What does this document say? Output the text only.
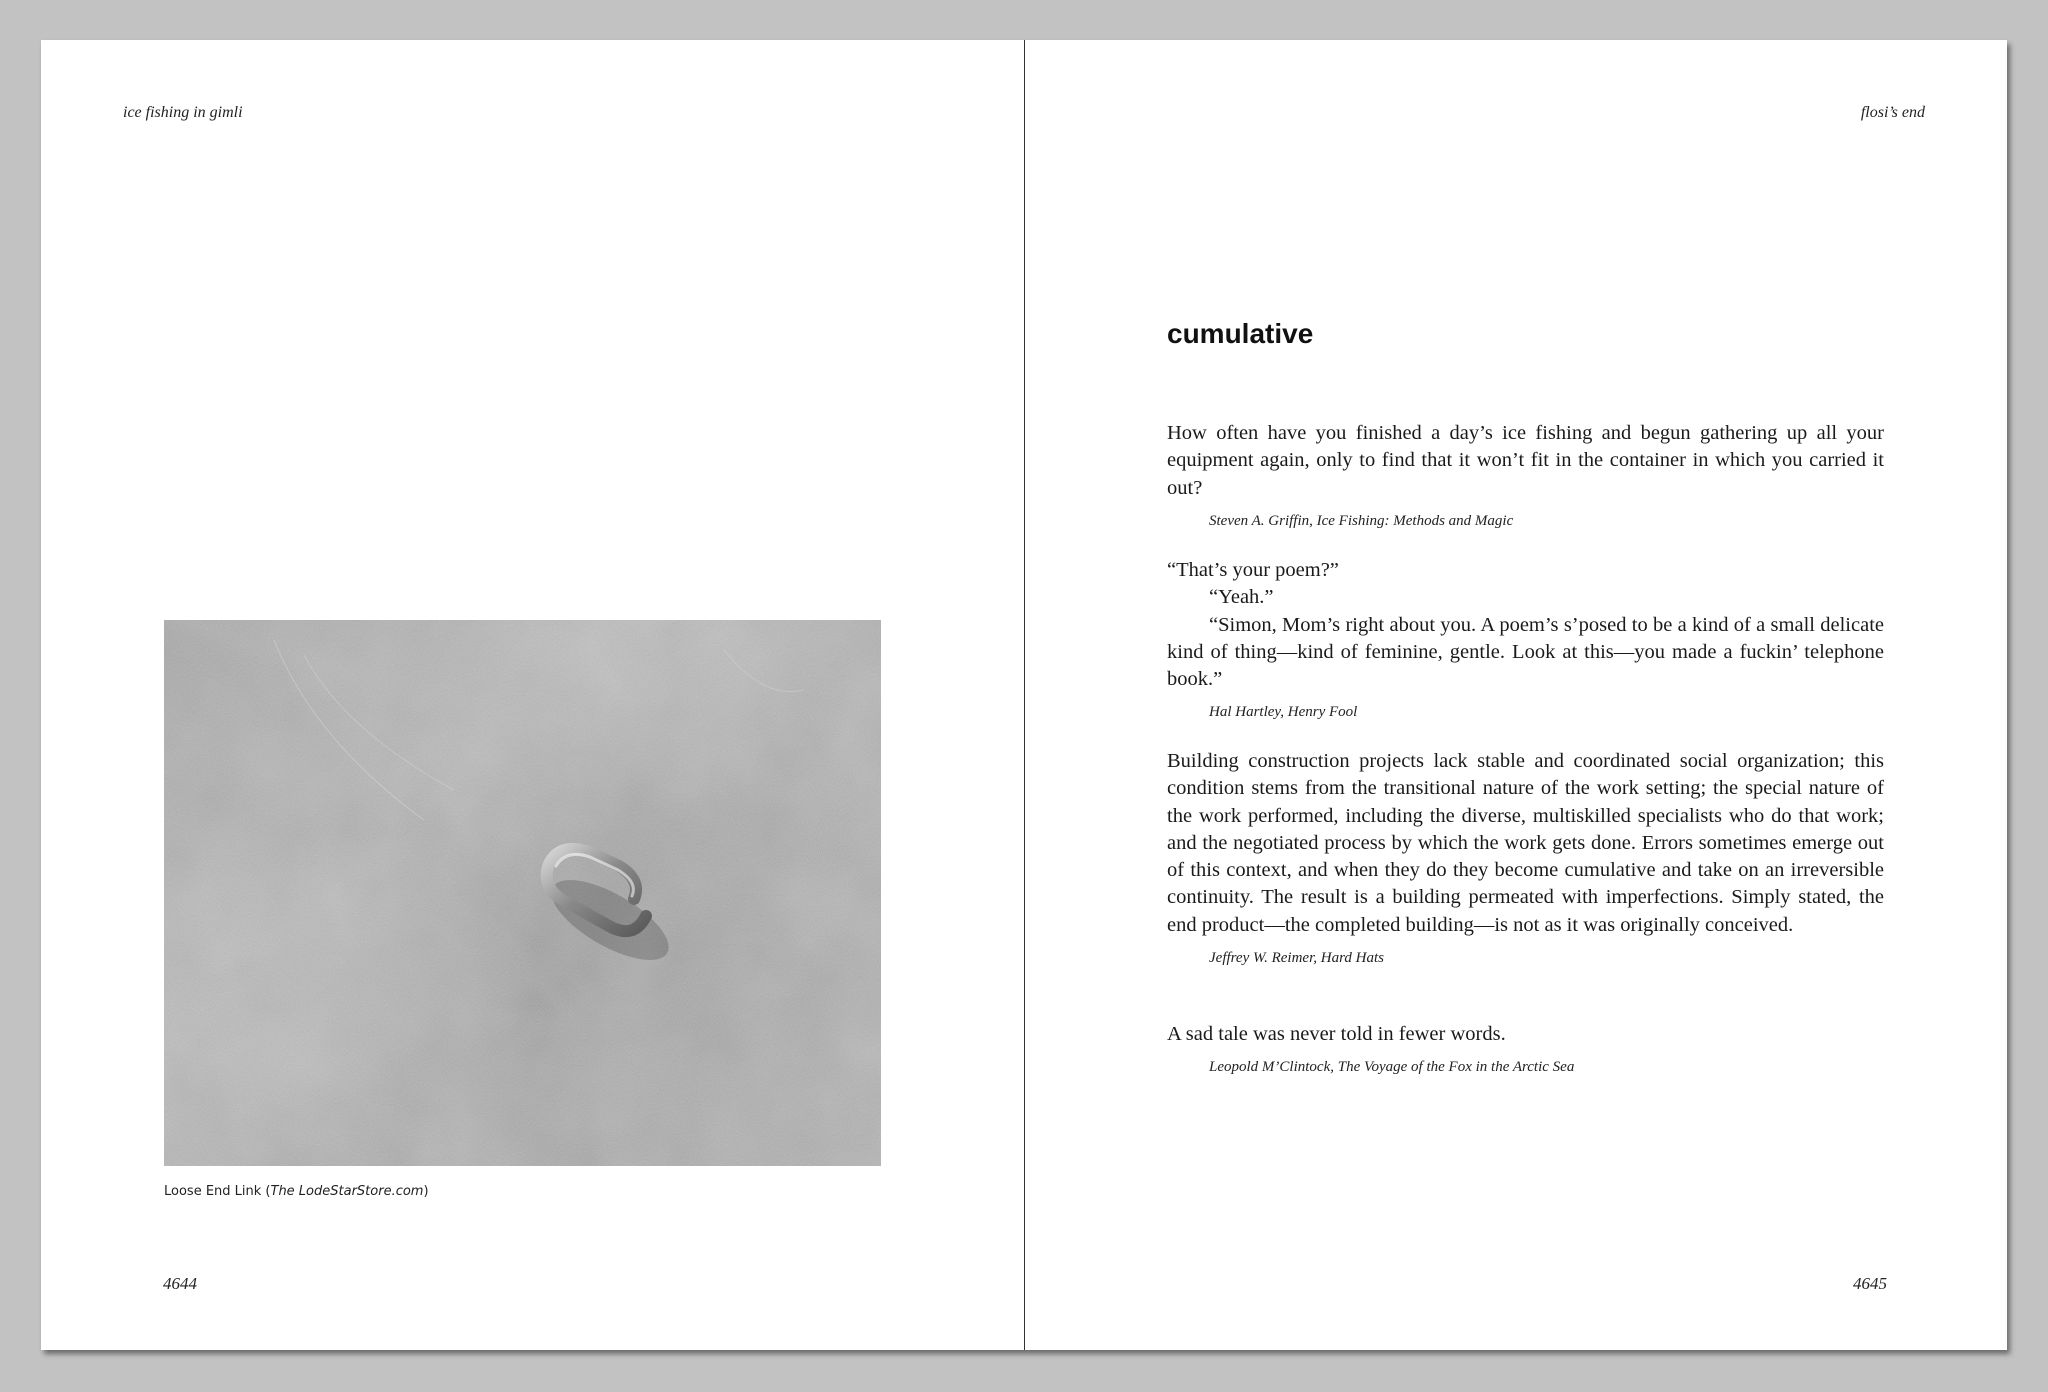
ice fishing in gimli
Loose End Link (The LodeStarStore.com)
4644
flosi’s end
cumulative

How often have you finished a day’s ice fishing and begun gathering up all your equipment again, only to find that it won’t fit in the container in which you carried it out?

Steven A. Griffin, Ice Fishing: Methods and Magic

“That’s your poem?”

“Yeah.”

“Simon, Mom’s right about you. A poem’s s’posed to be a kind of a small delicate kind of thing—kind of feminine, gentle. Look at this—you made a fuckin’ telephone book.”

Hal Hartley, Henry Fool

Building construction projects lack stable and coordinated social organization; this condition stems from the transitional nature of the work setting; the special nature of the work performed, including the diverse, multiskilled specialists who do that work; and the negotiated process by which the work gets done. Errors sometimes emerge out of this context, and when they do they become cumulative and take on an irreversible continuity. The result is a building permeated with imperfections. Simply stated, the end product—the completed building—is not as it was originally conceived.

Jeffrey W. Reimer, Hard Hats

A sad tale was never told in fewer words.

Leopold M’Clintock, The Voyage of the Fox in the Arctic Sea

4645
